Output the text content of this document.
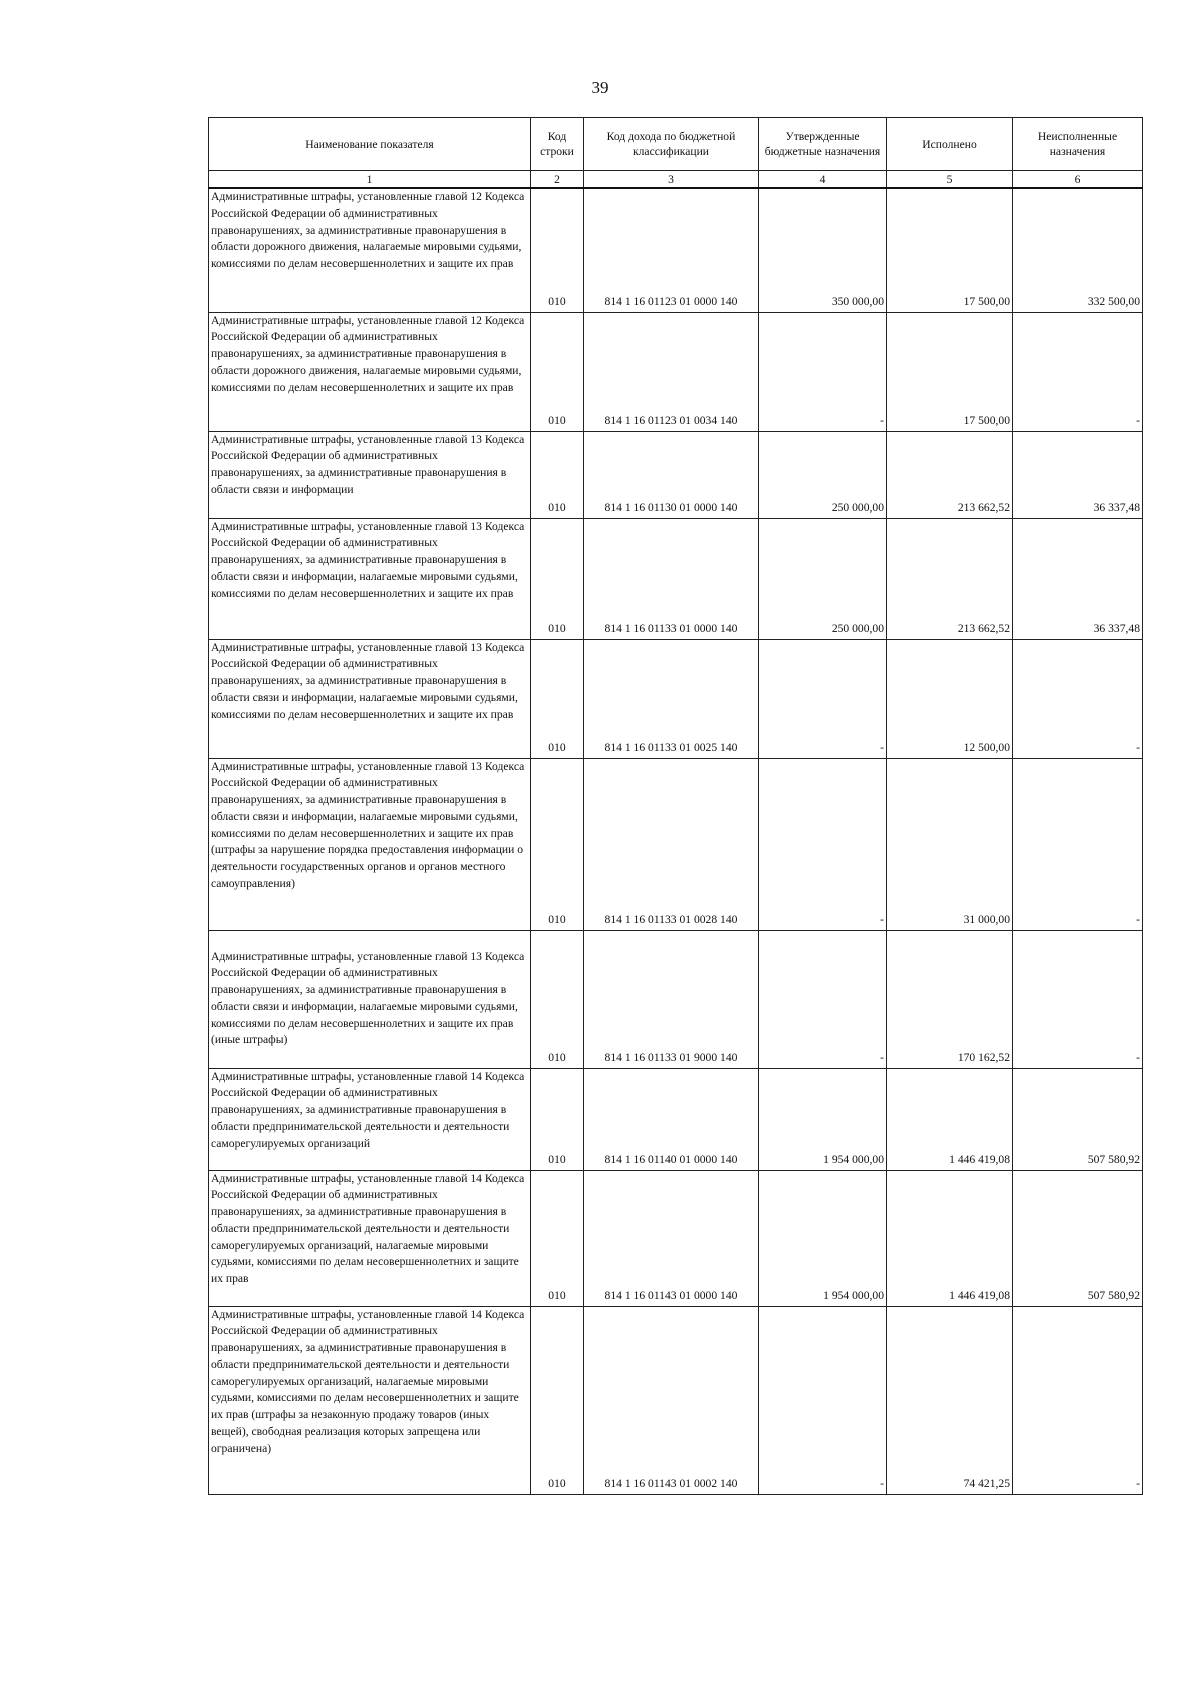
39
Наименование показателя	Код строки	Код дохода по бюджетной классификации	Утвержденные бюджетные назначения	Исполнено	Неисполненные назначения
1	2	3	4	5	6
Административные штрафы, установленные главой 12 Кодекса Российской Федерации об административных правонарушениях, за административные правонарушения в области дорожного движения, налагаемые мировыми судьями, комиссиями по делам несовершеннолетних и защите их прав	010	814 1 16 01123 01 0000 140	350 000,00	17 500,00	332 500,00
Административные штрафы, установленные главой 12 Кодекса Российской Федерации об административных правонарушениях, за административные правонарушения в области дорожного движения, налагаемые мировыми судьями, комиссиями по делам несовершеннолетних и защите их прав	010	814 1 16 01123 01 0034 140	-	17 500,00	-
Административные штрафы, установленные главой 13 Кодекса Российской Федерации об административных правонарушениях, за административные правонарушения в области связи и информации	010	814 1 16 01130 01 0000 140	250 000,00	213 662,52	36 337,48
Административные штрафы, установленные главой 13 Кодекса Российской Федерации об административных правонарушениях, за административные правонарушения в области связи и информации, налагаемые мировыми судьями, комиссиями по делам несовершеннолетних и защите их прав	010	814 1 16 01133 01 0000 140	250 000,00	213 662,52	36 337,48
Административные штрафы, установленные главой 13 Кодекса Российской Федерации об административных правонарушениях, за административные правонарушения в области связи и информации, налагаемые мировыми судьями, комиссиями по делам несовершеннолетних и защите их прав	010	814 1 16 01133 01 0025 140	-	12 500,00	-
Административные штрафы, установленные главой 13 Кодекса Российской Федерации об административных правонарушениях, за административные правонарушения в области связи и информации, налагаемые мировыми судьями, комиссиями по делам несовершеннолетних и защите их прав (штрафы за нарушение порядка предоставления информации о деятельности государственных органов и органов местного самоуправления)	010	814 1 16 01133 01 0028 140	-	31 000,00	-
Административные штрафы, установленные главой 13 Кодекса Российской Федерации об административных правонарушениях, за административные правонарушения в области связи и информации, налагаемые мировыми судьями, комиссиями по делам несовершеннолетних и защите их прав (иные штрафы)	010	814 1 16 01133 01 9000 140	-	170 162,52	-
Административные штрафы, установленные главой 14 Кодекса Российской Федерации об административных правонарушениях, за административные правонарушения в области предпринимательской деятельности и деятельности саморегулируемых организаций	010	814 1 16 01140 01 0000 140	1 954 000,00	1 446 419,08	507 580,92
Административные штрафы, установленные главой 14 Кодекса Российской Федерации об административных правонарушениях, за административные правонарушения в области предпринимательской деятельности и деятельности саморегулируемых организаций, налагаемые мировыми судьями, комиссиями по делам несовершеннолетних и защите их прав	010	814 1 16 01143 01 0000 140	1 954 000,00	1 446 419,08	507 580,92
Административные штрафы, установленные главой 14 Кодекса Российской Федерации об административных правонарушениях, за административные правонарушения в области предпринимательской деятельности и деятельности саморегулируемых организаций, налагаемые мировыми судьями, комиссиями по делам несовершеннолетних и защите их прав (штрафы за незаконную продажу товаров (иных вещей), свободная реализация которых запрещена или ограничена)	010	814 1 16 01143 01 0002 140	-	74 421,25	-
